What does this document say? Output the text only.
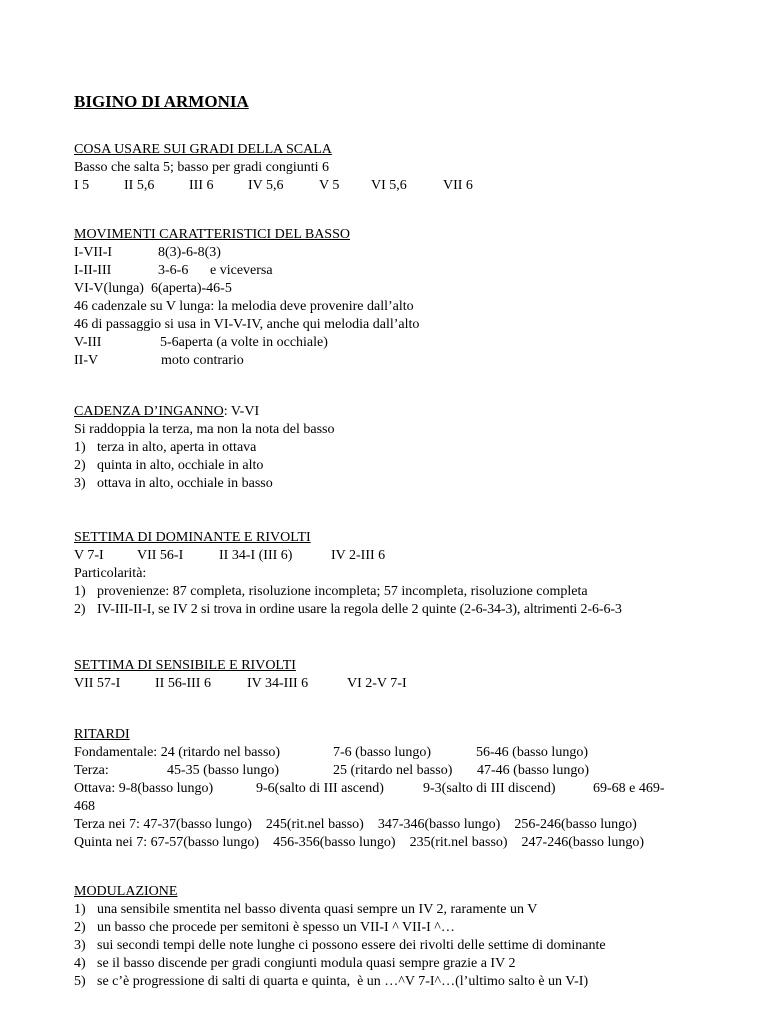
BIGINO DI ARMONIA
COSA USARE SUI GRADI DELLA SCALA
Basso che salta 5; basso per gradi congiunti 6
I 5 II 5,6 III 6 IV 5,6	V 5 VI 5,6	VII 6
MOVIMENTI CARATTERISTICI DEL BASSO
I-VII-I	8(3)-6-8(3)
I-II-III	3-6-6 e viceversa
VI-V(lunga)  6(aperta)-46-5
46 cadenzale su V lunga: la melodia deve provenire dall’alto
46 di passaggio si usa in VI-V-IV, anche qui melodia dall’alto
V-III	5-6aperta (a volte in occhiale)
II-V	moto contrario
CADENZA D’INGANNO: V-VI
Si raddoppia la terza, ma non la nota del basso
1) terza in alto, aperta in ottava
2) quinta in alto, occhiale in alto
3) ottava in alto, occhiale in basso
SETTIMA DI DOMINANTE E RIVOLTI
V 7-I VII 56-I	II 34-I (III 6)	IV 2-III 6
Particolarità:
1) provenienze: 87 completa, risoluzione incompleta; 57 incompleta, risoluzione completa
2) IV-III-II-I, se IV 2 si trova in ordine usare la regola delle 2 quinte (2-6-34-3), altrimenti 2-6-6-3
SETTIMA DI SENSIBILE E RIVOLTI
VII 57-I II 56-III 6	IV 34-III 6	VI 2-V 7-I
RITARDI
Fondamentale: 24 (ritardo nel basso)	7-6 (basso lungo)	56-46 (basso lungo)
Terza:	45-35 (basso lungo)	25 (ritardo nel basso) 47-46 (basso lungo)
Ottava: 9-8(basso lungo)	9-6(salto di III ascend)	9-3(salto di III discend)	69-68 e 469-
468
Terza nei 7: 47-37(basso lungo)    245(rit.nel basso)    347-346(basso lungo)    256-246(basso lungo)
Quinta nei 7: 67-57(basso lungo)    456-356(basso lungo)    235(rit.nel basso)    247-246(basso lungo)
MODULAZIONE
1) una sensibile smentita nel basso diventa quasi sempre un IV 2, raramente un V
2) un basso che procede per semitoni è spesso un VII-I ^ VII-I ^…
3) sui secondi tempi delle note lunghe ci possono essere dei rivolti delle settime di dominante
4) se il basso discende per gradi congiunti modula quasi sempre grazie a IV 2
5) se c’è progressione di salti di quarta e quinta,  è un …^V 7-I^…(l’ultimo salto è un V-I)
